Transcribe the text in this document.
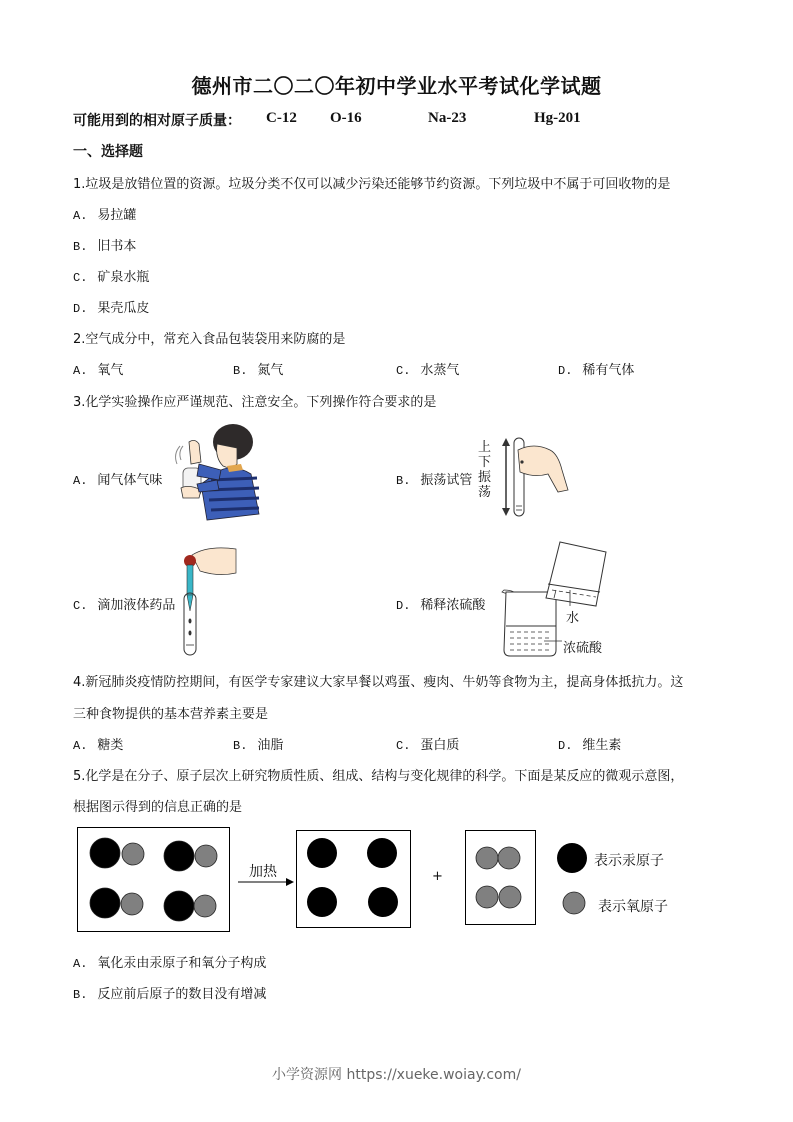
德州市二〇二〇年初中学业水平考试化学试题
可能用到的相对原子质量： C-12 O-16	Na-23	Hg-201
一、选择题
1.垃圾是放错位置的资源。垃圾分类不仅可以减少污染还能够节约资源。下列垃圾中不属于可回收物的是
A. 易拉罐
B. 旧书本
C. 矿泉水瓶
D. 果壳瓜皮
2.空气成分中，常充入食品包装袋用来防腐的是
A. 氧气	B. 氮气	C. 水蒸气	D. 稀有气体
3.化学实验操作应严谨规范、注意安全。下列操作符合要求的是
A. 闻气体气味	B. 振荡试管
上
下
振
荡
C. 滴加液体药品	D. 稀释浓硫酸
水
浓硫酸
4.新冠肺炎疫情防控期间，有医学专家建议大家早餐以鸡蛋、瘦肉、牛奶等食物为主，提高身体抵抗力。这
三种食物提供的基本营养素主要是
A. 糖类	B. 油脂	C. 蛋白质	D. 维生素
5.化学是在分子、原子层次上研究物质性质、组成、结构与变化规律的科学。下面是某反应的微观示意图，
根据图示得到的信息正确的是
加热	+
表示汞原子
表示氧原子
A. 氧化汞由汞原子和氧分子构成
B. 反应前后原子的数目没有增减
小学资源网 https://xueke.woiay.com/
